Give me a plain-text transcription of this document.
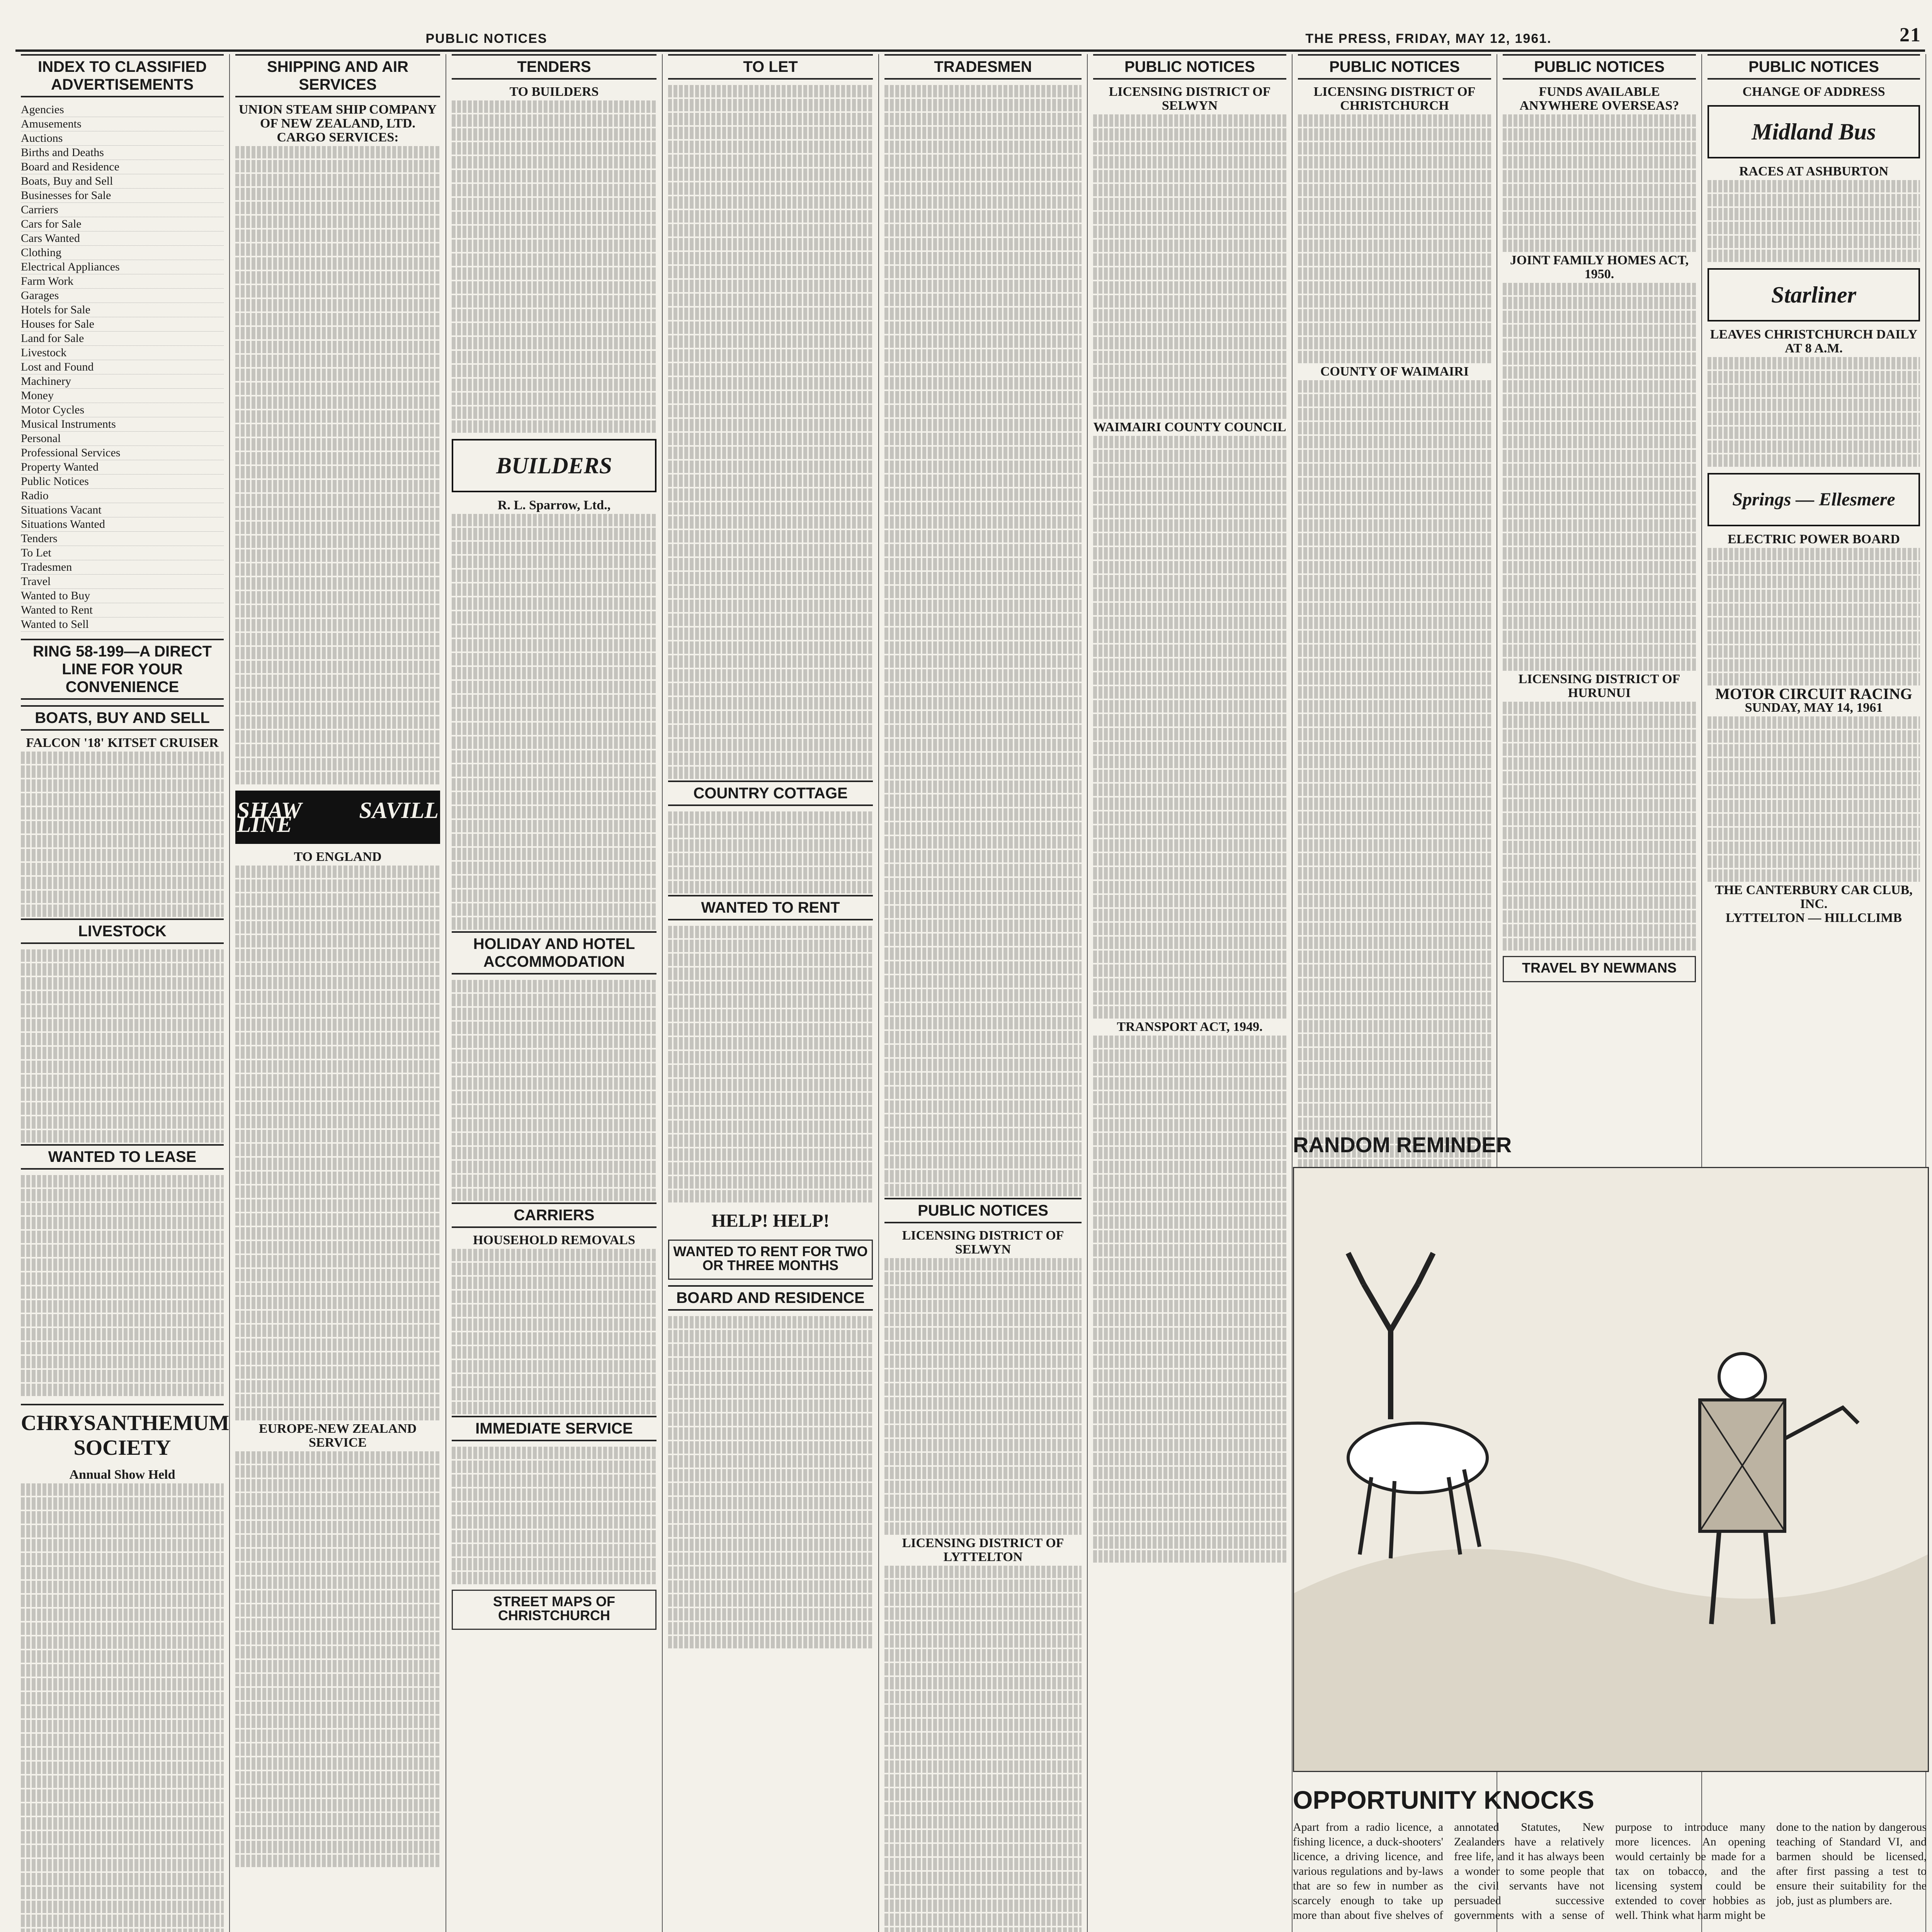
PUBLIC NOTICES	THE PRESS, FRIDAY, MAY 12, 1961.	21
INDEX TO CLASSIFIED ADVERTISEMENTS
Agencies
Amusements
Auctions
Births and Deaths
Board and Residence
Boats, Buy and Sell
Businesses for Sale
Carriers
Cars for Sale
Cars Wanted
Clothing
Electrical Appliances
Farm Work
Garages
Hotels for Sale
Houses for Sale
Land for Sale
Livestock
Lost and Found
Machinery
Money
Motor Cycles
Musical Instruments
Personal
Professional Services
Property Wanted
Public Notices
Radio
Situations Vacant
Situations Wanted
Tenders
To Let
Tradesmen
Travel
Wanted to Buy
Wanted to Rent
Wanted to Sell
RING 58-199—A DIRECT LINE FOR YOUR CONVENIENCE
BOATS, BUY AND SELL
FALCON '18' KITSET CRUISER
LIVESTOCK
WANTED TO LEASE
CHRYSANTHEMUM SOCIETY
Annual Show Held
SHIPPING AND AIR SERVICES
UNION STEAM SHIP COMPANY OF NEW ZEALAND, LTD.
CARGO SERVICES:
SHAW SAVILL LINE
TO ENGLAND
EUROPE-NEW ZEALAND SERVICE
TENDERS
TO BUILDERS
BUILDERS
R. L. Sparrow, Ltd.,
HOLIDAY AND HOTEL ACCOMMODATION
CARRIERS
HOUSEHOLD REMOVALS
IMMEDIATE SERVICE
STREET MAPS OF CHRISTCHURCH
TO LET
COUNTRY COTTAGE
WANTED TO RENT
HELP! HELP!
WANTED TO RENT FOR TWO OR THREE MONTHS
BOARD AND RESIDENCE
TRADESMEN
PUBLIC NOTICES
LICENSING DISTRICT OF SELWYN
LICENSING DISTRICT OF LYTTELTON
PUBLIC NOTICES
LICENSING DISTRICT OF SELWYN
WAIMAIRI COUNTY COUNCIL
TRANSPORT ACT, 1949.
PUBLIC NOTICES
LICENSING DISTRICT OF CHRISTCHURCH
COUNTY OF WAIMAIRI
PUBLIC NOTICES
FUNDS AVAILABLE ANYWHERE OVERSEAS?
JOINT FAMILY HOMES ACT, 1950.
LICENSING DISTRICT OF HURUNUI
TRAVEL BY NEWMANS
PUBLIC NOTICES
CHANGE OF ADDRESS
Midland Bus
RACES AT ASHBURTON
Starliner
LEAVES CHRISTCHURCH DAILY AT 8 A.M.
Springs — Ellesmere
ELECTRIC POWER BOARD
MOTOR CIRCUIT RACING
SUNDAY, MAY 14, 1961
THE CANTERBURY CAR CLUB, INC.
LYTTELTON — HILLCLIMB
RANDOM REMINDER
OPPORTUNITY KNOCKS
Apart from a radio licence, a fishing licence, a duck-shooters' licence, a driving licence, and various regulations and by-laws that are so few in number as scarcely enough to take up more than about five shelves of annotated Statutes, New Zealanders have a relatively free life, and it has always been a wonder to some people that the civil servants have not persuaded successive governments with a sense of purpose to introduce many more licences. An opening would certainly be made for a tax on tobacco, and the licensing system could be extended to cover hobbies as well. Think what harm might be done to the nation by dangerous teaching of Standard VI, and barmen should be licensed, after first passing a test to ensure their suitability for the job, just as plumbers are.
